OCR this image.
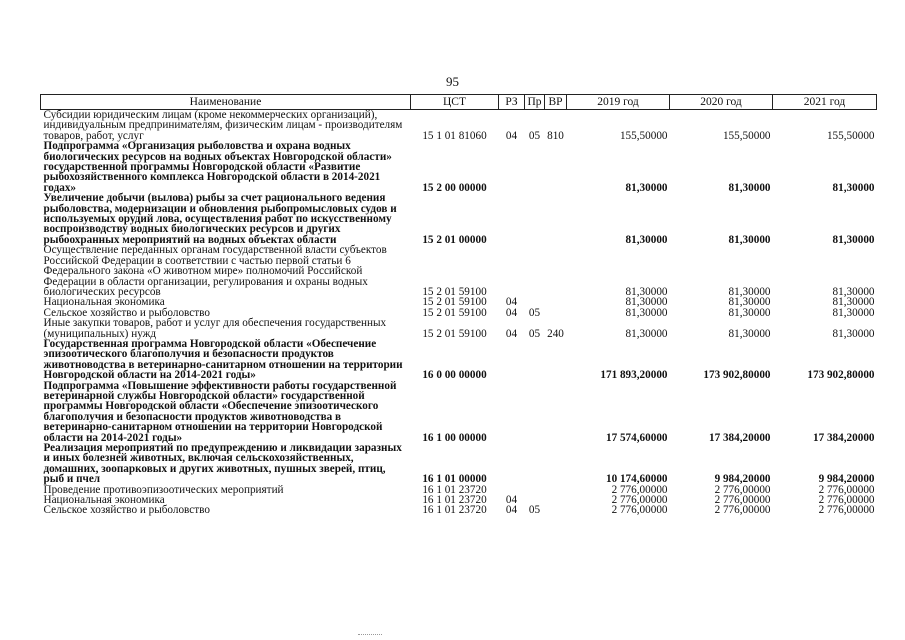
95
Наименование	ЦСТ	РЗ	Пр	ВР	2019 год	2020 год	2021 год
Субсидии юридическим лицам (кроме некоммерческих организаций), индивидуальным предпринимателям, физическим лицам - производителям товаров, работ, услуг	15 1 01 81060	04	05	810	155,50000	155,50000	155,50000
Подпрограмма «Организация рыболовства и охрана водных биологических ресурсов на водных объектах Новгородской области» государственной программы Новгородской области «Развитие рыбохозяйственного комплекса Новгородской области в 2014-2021 годах»	15 2 00 00000				81,30000	81,30000	81,30000
Увеличение добычи (вылова) рыбы за счет рационального ведения рыболовства, модернизации и обновления рыбопромысловых судов и используемых орудий лова, осуществления работ по искусственному воспроизводству водных биологических ресурсов и других рыбоохранных мероприятий на водных объектах области	15 2 01 00000				81,30000	81,30000	81,30000
Осуществление переданных органам государственной власти субъектов Российской Федерации в соответствии с частью первой статьи 6 Федерального закона «О животном мире» полномочий Российской Федерации в области организации, регулирования и охраны водных биологических ресурсов	15 2 01 59100				81,30000	81,30000	81,30000
Национальная экономика	15 2 01 59100	04			81,30000	81,30000	81,30000
Сельское хозяйство и рыболовство	15 2 01 59100	04	05		81,30000	81,30000	81,30000
Иные закупки товаров, работ и услуг для обеспечения государственных (муниципальных) нужд	15 2 01 59100	04	05	240	81,30000	81,30000	81,30000
Государственная программа Новгородской области «Обеспечение эпизоотического благополучия и безопасности продуктов животноводства в ветеринарно-санитарном отношении на территории Новгородской области на 2014-2021 годы»	16 0 00 00000				171 893,20000	173 902,80000	173 902,80000
Подпрограмма «Повышение эффективности работы государственной ветеринарной службы Новгородской области» государственной программы Новгородской области «Обеспечение эпизоотического благополучия и безопасности продуктов животноводства в ветеринарно-санитарном отношении на территории Новгородской области на 2014-2021 годы»	16 1 00 00000				17 574,60000	17 384,20000	17 384,20000
Реализация мероприятий по предупреждению и ликвидации заразных и иных болезней животных, включая сельскохозяйственных, домашних, зоопарковых и других животных, пушных зверей, птиц, рыб и пчел	16 1 01 00000				10 174,60000	9 984,20000	9 984,20000
Проведение противоэпизоотических мероприятий	16 1 01 23720				2 776,00000	2 776,00000	2 776,00000
Национальная экономика	16 1 01 23720	04			2 776,00000	2 776,00000	2 776,00000
Сельское хозяйство и рыболовство	16 1 01 23720	04	05		2 776,00000	2 776,00000	2 776,00000
